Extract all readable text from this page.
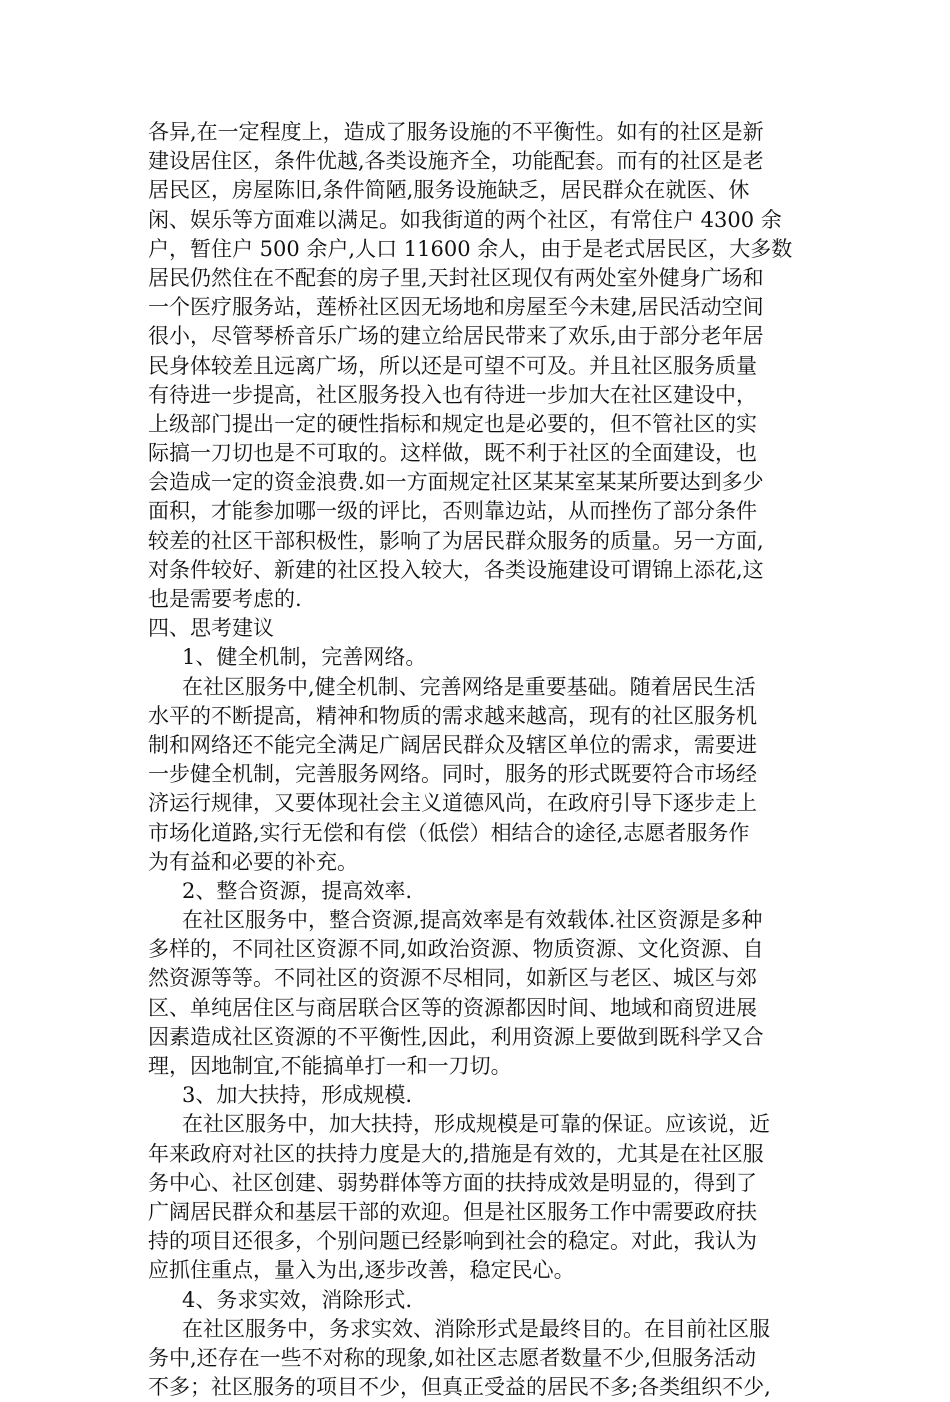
各异,在一定程度上，造成了服务设施的不平衡性。如有的社区是新
建设居住区，条件优越,各类设施齐全，功能配套。而有的社区是老
居民区，房屋陈旧,条件简陋,服务设施缺乏，居民群众在就医、休
闲、娱乐等方面难以满足。如我街道的两个社区，有常住户 4300 余
户，暂住户 500 余户,人口 11600 余人，由于是老式居民区，大多数
居民仍然住在不配套的房子里,天封社区现仅有两处室外健身广场和
一个医疗服务站，莲桥社区因无场地和房屋至今未建,居民活动空间
很小，尽管琴桥音乐广场的建立给居民带来了欢乐,由于部分老年居
民身体较差且远离广场，所以还是可望不可及。并且社区服务质量
有待进一步提高，社区服务投入也有待进一步加大在社区建设中，
上级部门提出一定的硬性指标和规定也是必要的，但不管社区的实
际搞一刀切也是不可取的。这样做，既不利于社区的全面建设，也
会造成一定的资金浪费.如一方面规定社区某某室某某所要达到多少
面积，才能参加哪一级的评比，否则靠边站，从而挫伤了部分条件
较差的社区干部积极性，影响了为居民群众服务的质量。另一方面,
对条件较好、新建的社区投入较大，各类设施建设可谓锦上添花,这
也是需要考虑的.
四、思考建议
1、健全机制，完善网络。
在社区服务中,健全机制、完善网络是重要基础。随着居民生活
水平的不断提高，精神和物质的需求越来越高，现有的社区服务机
制和网络还不能完全满足广阔居民群众及辖区单位的需求，需要进
一步健全机制，完善服务网络。同时，服务的形式既要符合市场经
济运行规律，又要体现社会主义道德风尚，在政府引导下逐步走上
市场化道路,实行无偿和有偿（低偿）相结合的途径,志愿者服务作
为有益和必要的补充。
2、整合资源，提高效率.
在社区服务中，整合资源,提高效率是有效载体.社区资源是多种
多样的，不同社区资源不同,如政治资源、物质资源、文化资源、自
然资源等等。不同社区的资源不尽相同，如新区与老区、城区与郊
区、单纯居住区与商居联合区等的资源都因时间、地域和商贸进展
因素造成社区资源的不平衡性,因此，利用资源上要做到既科学又合
理，因地制宜,不能搞单打一和一刀切。
3、加大扶持，形成规模.
在社区服务中，加大扶持，形成规模是可靠的保证。应该说，近
年来政府对社区的扶持力度是大的,措施是有效的，尤其是在社区服
务中心、社区创建、弱势群体等方面的扶持成效是明显的，得到了
广阔居民群众和基层干部的欢迎。但是社区服务工作中需要政府扶
持的项目还很多，个别问题已经影响到社会的稳定。对此，我认为
应抓住重点，量入为出,逐步改善，稳定民心。
4、务求实效，消除形式.
在社区服务中，务求实效、消除形式是最终目的。在目前社区服
务中,还存在一些不对称的现象,如社区志愿者数量不少,但服务活动
不多；社区服务的项目不少，但真正受益的居民不多;各类组织不少,
